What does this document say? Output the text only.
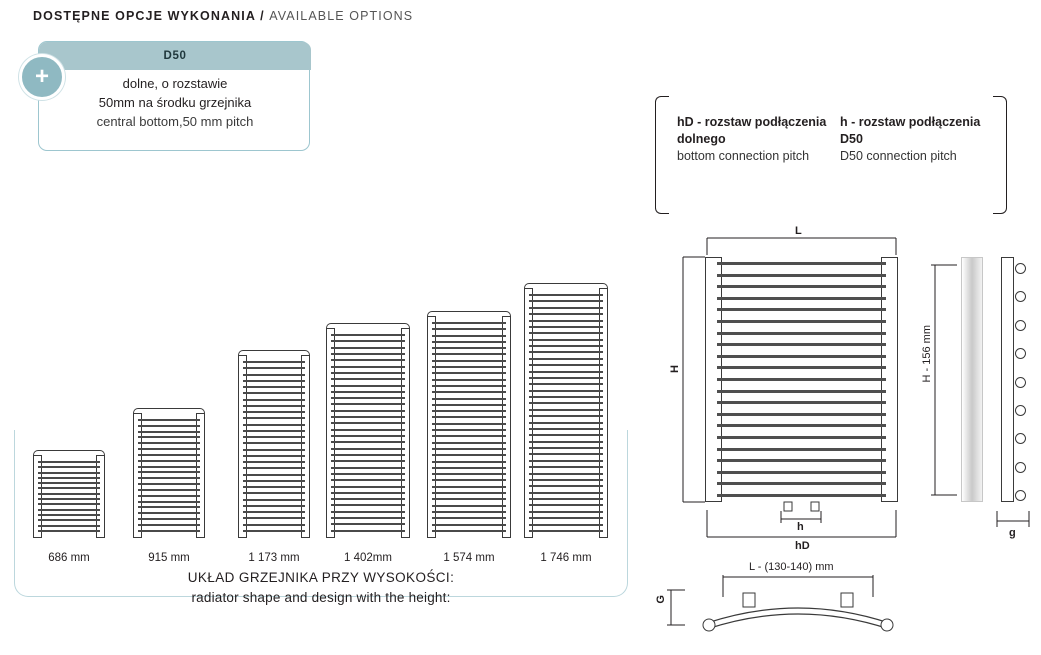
DOSTĘPNE OPCJE WYKONANIA / AVAILABLE OPTIONS
D50
dolne, o rozstawie
50mm na środku grzejnika
central bottom,50 mm pitch
+
686 mm	915 mm	1 173 mm	1 402mm	1 574 mm	1 746 mm
UKŁAD GRZEJNIKA PRZY WYSOKOŚCI:
radiator shape and design with the height:
hD - rozstaw podłączenia dolnego
bottom connection pitch
h - rozstaw podłączenia D50
D50 connection pitch
L
H
hD
h
H - 156 mm
g
G
L - (130-140) mm
